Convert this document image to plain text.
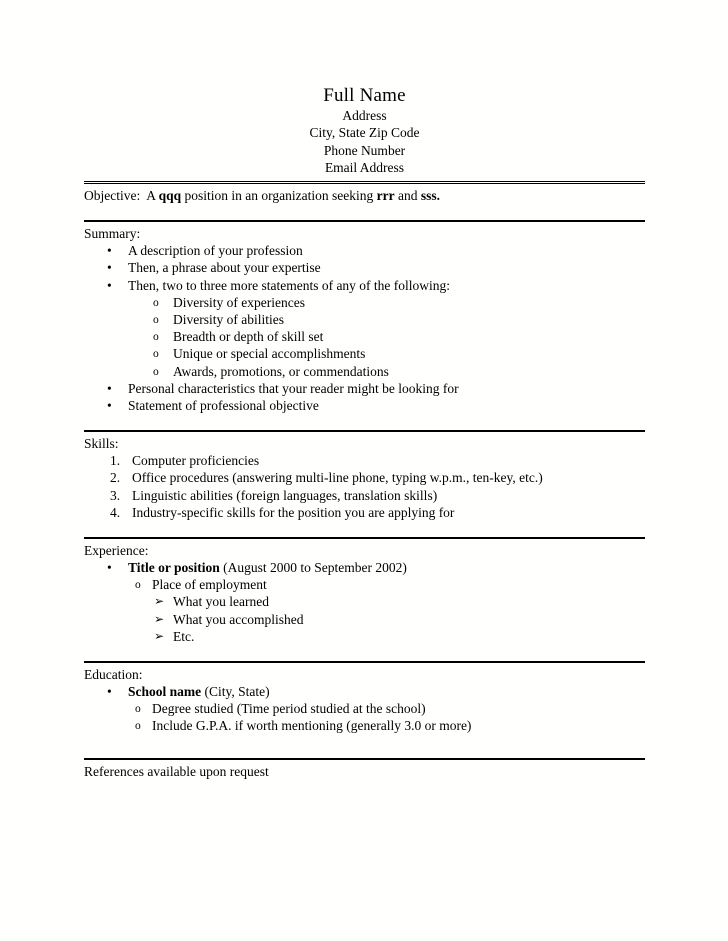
Full Name
Address
City, State Zip Code
Phone Number
Email Address
Objective: A qqq position in an organization seeking rrr and sss.
Summary:
•	A description of your profession
•	Then, a phrase about your expertise
•	Then, two to three more statements of any of the following:
o	Diversity of experiences
o	Diversity of abilities
o	Breadth or depth of skill set
o	Unique or special accomplishments
o	Awards, promotions, or commendations
•	Personal characteristics that your reader might be looking for
•	Statement of professional objective
Skills:
1. Computer proficiencies
2. Office procedures (answering multi-line phone, typing w.p.m., ten-key, etc.)
3. Linguistic abilities (foreign languages, translation skills)
4. Industry-specific skills for the position you are applying for
Experience:
•	Title or position (August 2000 to September 2002)
o Place of employment
➢ What you learned
➢ What you accomplished
➢ Etc.
Education:
•	School name (City, State)
o Degree studied (Time period studied at the school)
o Include G.P.A. if worth mentioning (generally 3.0 or more)
References available upon request
